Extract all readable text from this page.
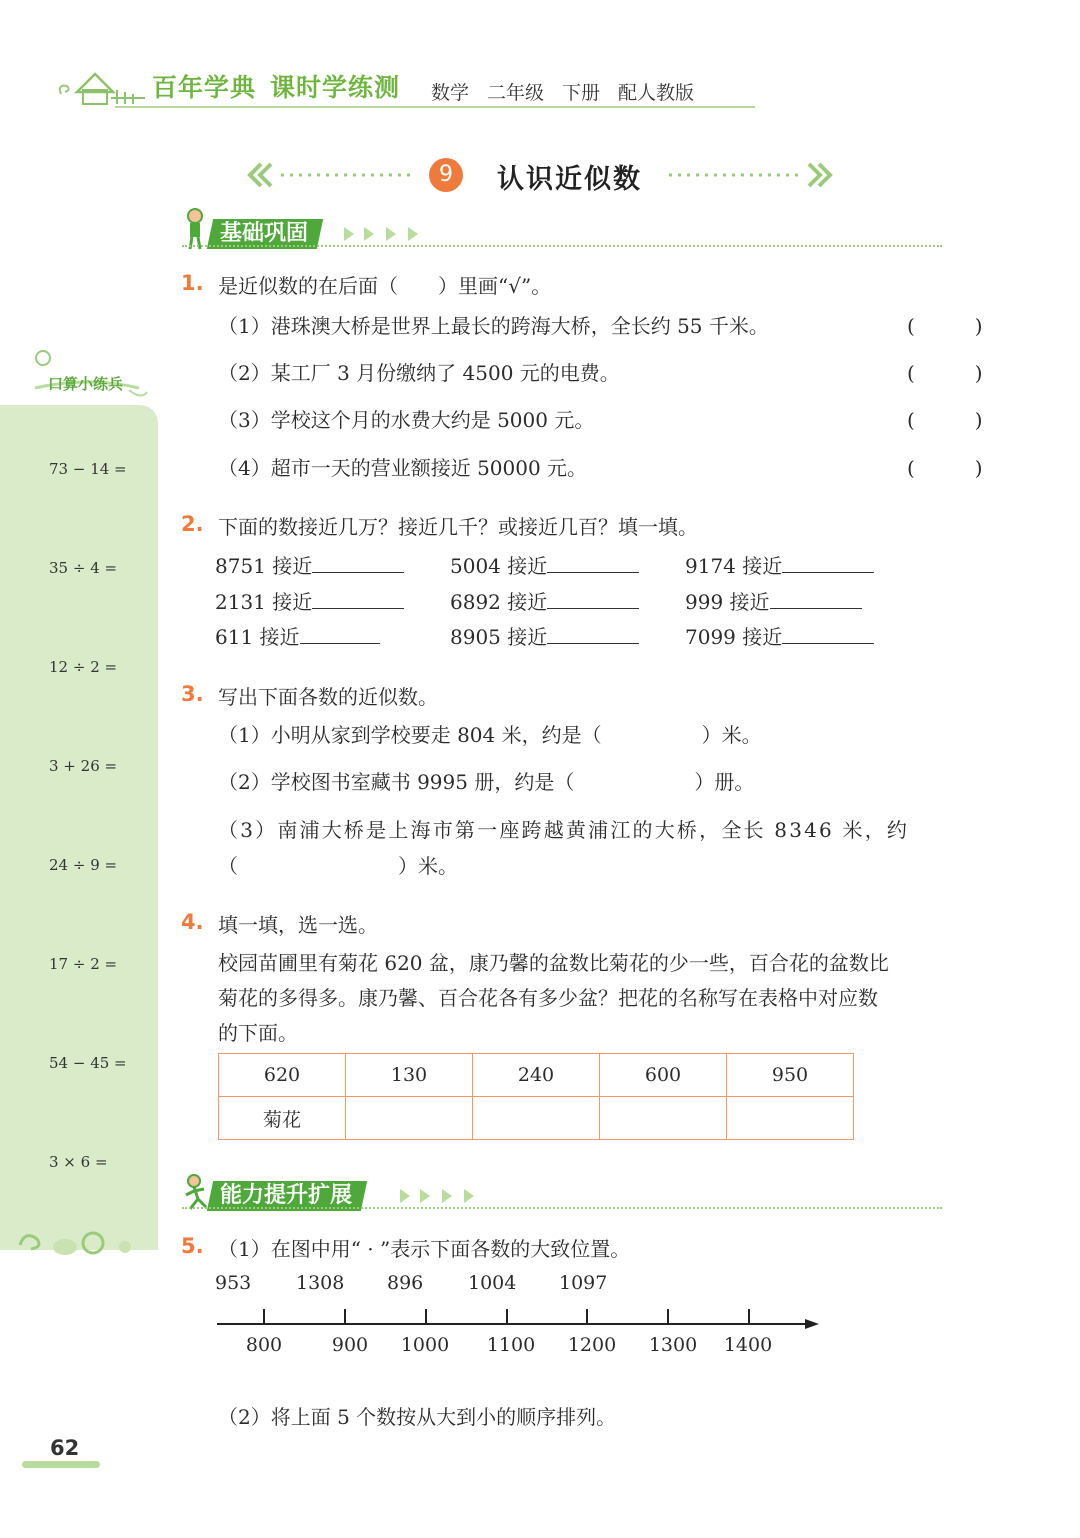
百年学典 课时学练测	数学 二年级 下册 配人教版
9	认识近似数
基础巩固
口算小练兵
73 − 14 =
35 ÷ 4 =
12 ÷ 2 =
3 + 26 =
24 ÷ 9 =
17 ÷ 2 =
54 − 45 =
3 × 6 =
1. 是近似数的在后面（　　）里画“√”。
（1）港珠澳大桥是世界上最长的跨海大桥，全长约 55 千米。	(　　　)
（2）某工厂 3 月份缴纳了 4500 元的电费。	(　　　)
（3）学校这个月的水费大约是 5000 元。	(　　　)
（4）超市一天的营业额接近 50000 元。	(　　　)
2. 下面的数接近几万？接近几千？或接近几百？填一填。
8751 接近	5004 接近	9174 接近
2131 接近	6892 接近	999 接近
611 接近	8905 接近	7099 接近
3. 写出下面各数的近似数。
（1）小明从家到学校要走 804 米，约是（　　　　　）米。
（2）学校图书室藏书 9995 册，约是（　　　　　　）册。
（3）南浦大桥是上海市第一座跨越黄浦江的大桥，全长 8346 米，约
（　　　　　　　　）米。
4. 填一填，选一选。
校园苗圃里有菊花 620 盆，康乃馨的盆数比菊花的少一些，百合花的盆数比
菊花的多得多。康乃馨、百合花各有多少盆？把花的名称写在表格中对应数
的下面。
620	130	240	600	950
菊花				
能力提升扩展
5. （1）在图中用“ · ”表示下面各数的大致位置。
953 1308 896 1004 1097
800	900	1000	1100	1200	1300	1400
（2）将上面 5 个数按从大到小的顺序排列。
62
